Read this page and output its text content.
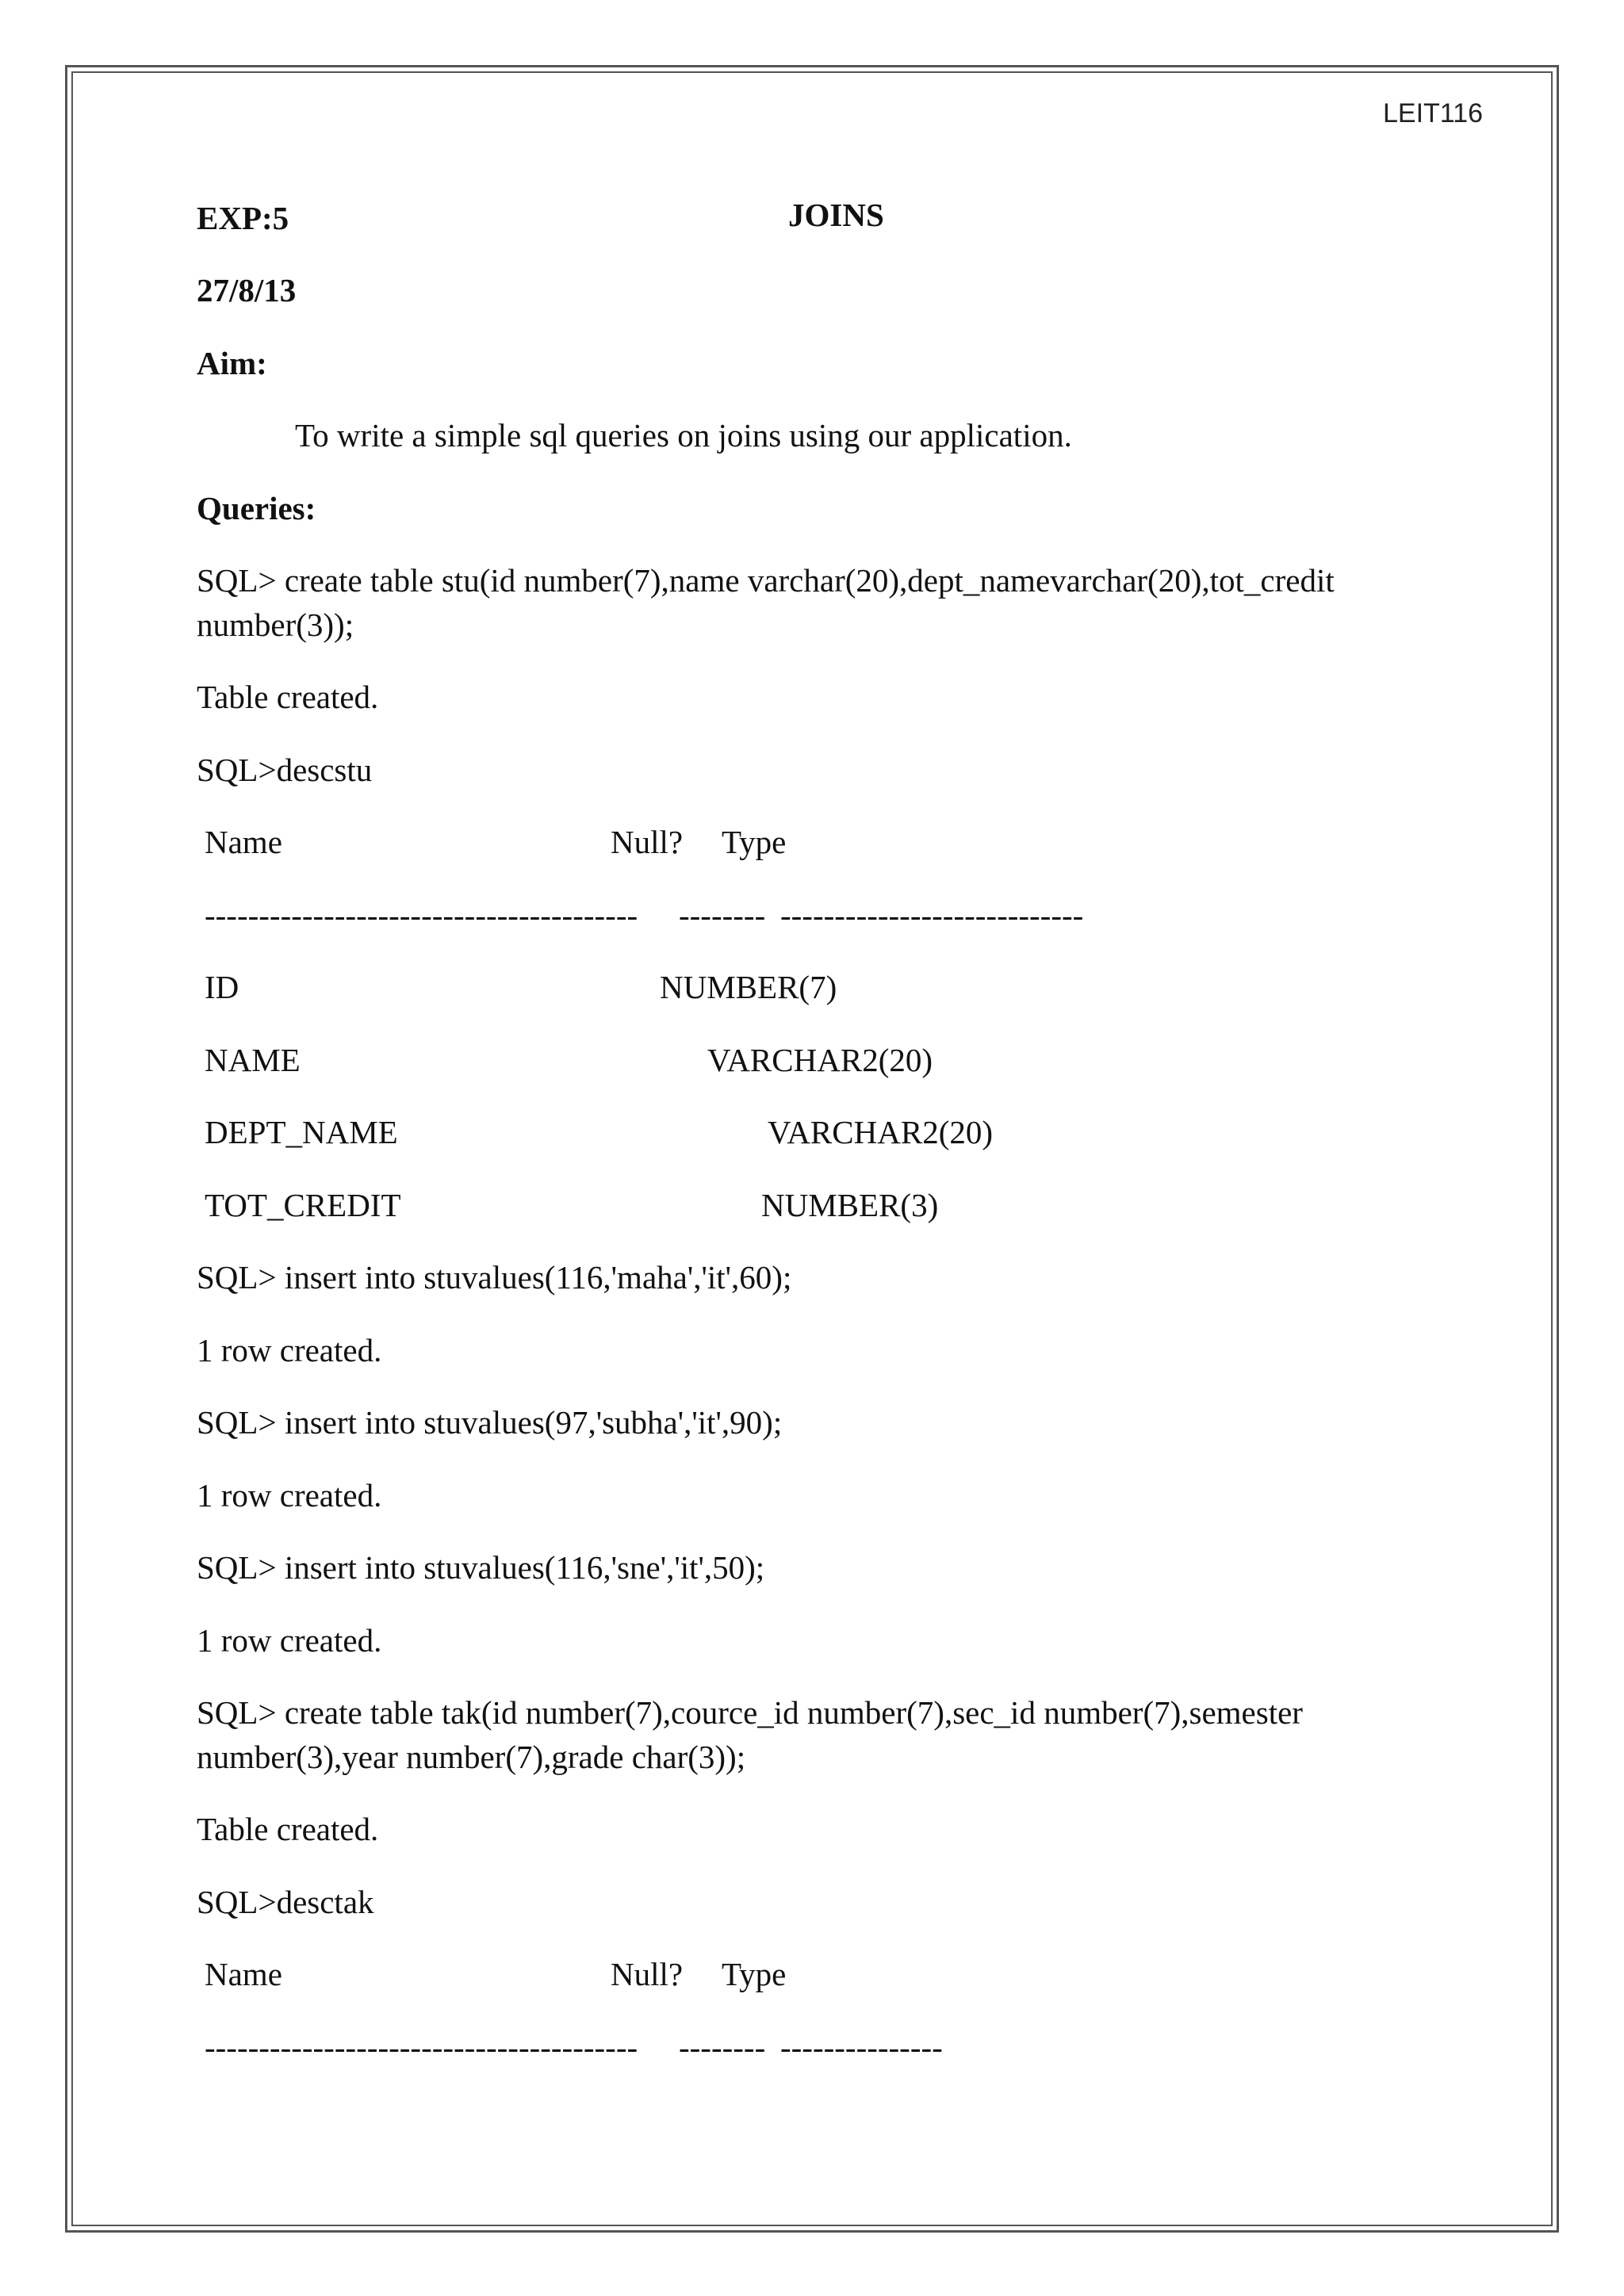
LEIT116
EXP:5	JOINS
27/8/13
Aim:
To write a simple sql queries on joins using our application.
Queries:
SQL> create table stu(id number(7),name varchar(20),dept_namevarchar(20),tot_credit
number(3));
Table created.
SQL>descstu
Name	Null? Type
---------------------------------------- -------- ----------------------------
ID	NUMBER(7)
NAME	VARCHAR2(20)
DEPT_NAME	VARCHAR2(20)
TOT_CREDIT	NUMBER(3)
SQL> insert into stuvalues(116,'maha','it',60);
1 row created.
SQL> insert into stuvalues(97,'subha','it',90);
1 row created.
SQL> insert into stuvalues(116,'sne','it',50);
1 row created.
SQL> create table tak(id number(7),cource_id number(7),sec_id number(7),semester
number(3),year number(7),grade char(3));
Table created.
SQL>desctak
Name	Null? Type
---------------------------------------- -------- ---------------
